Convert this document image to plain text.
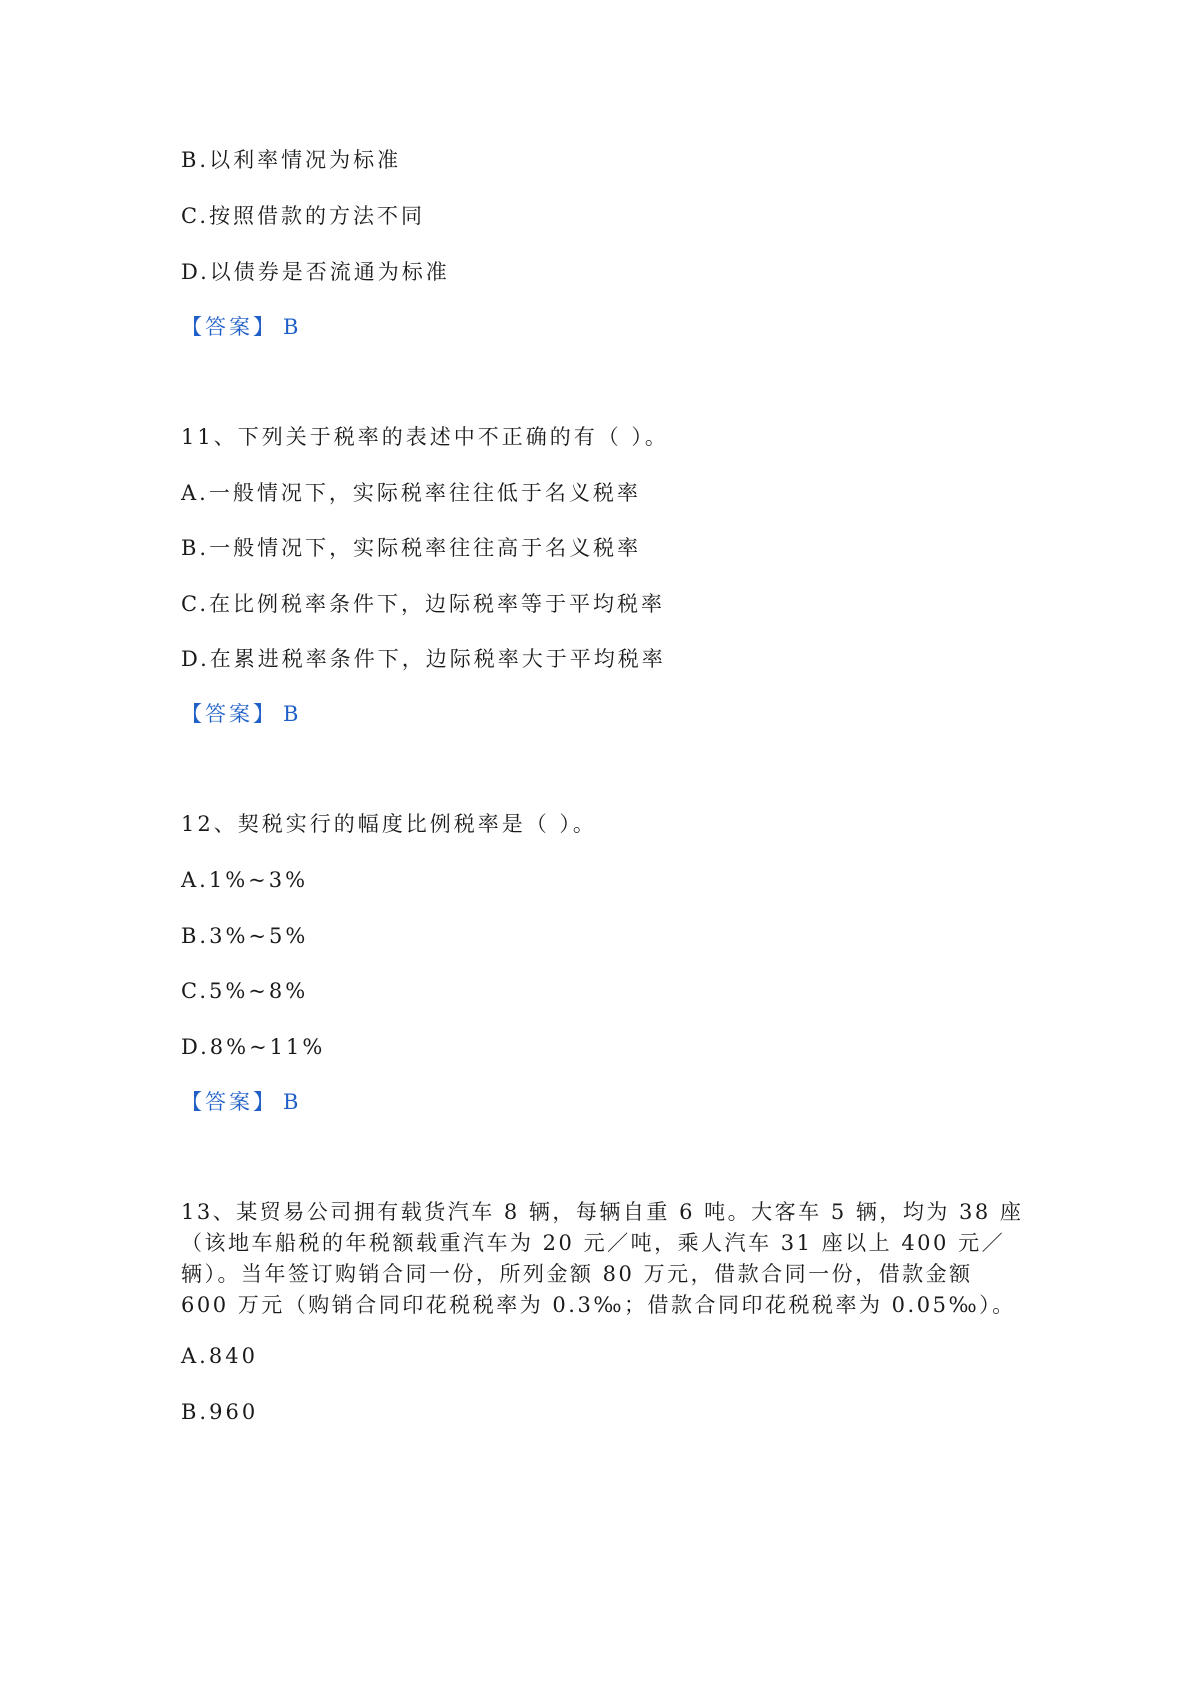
B.以利率情况为标准

C.按照借款的方法不同

D.以债券是否流通为标准

【答案】 B

11、下列关于税率的表述中不正确的有（ ）。

A.一般情况下，实际税率往往低于名义税率

B.一般情况下，实际税率往往高于名义税率

C.在比例税率条件下，边际税率等于平均税率

D.在累进税率条件下，边际税率大于平均税率

【答案】 B

12、契税实行的幅度比例税率是（ ）。

A.1%~3%

B.3%~5%

C.5%~8%

D.8%~11%

【答案】 B

13、某贸易公司拥有载货汽车 8 辆，每辆自重 6 吨。大客车 5 辆，均为 38 座
（该地车船税的年税额载重汽车为 20 元／吨，乘人汽车 31 座以上 400 元／
辆）。当年签订购销合同一份，所列金额 80 万元，借款合同一份，借款金额
600 万元（购销合同印花税税率为 0.3‰；借款合同印花税税率为 0.05‰）。

A.840

B.960
